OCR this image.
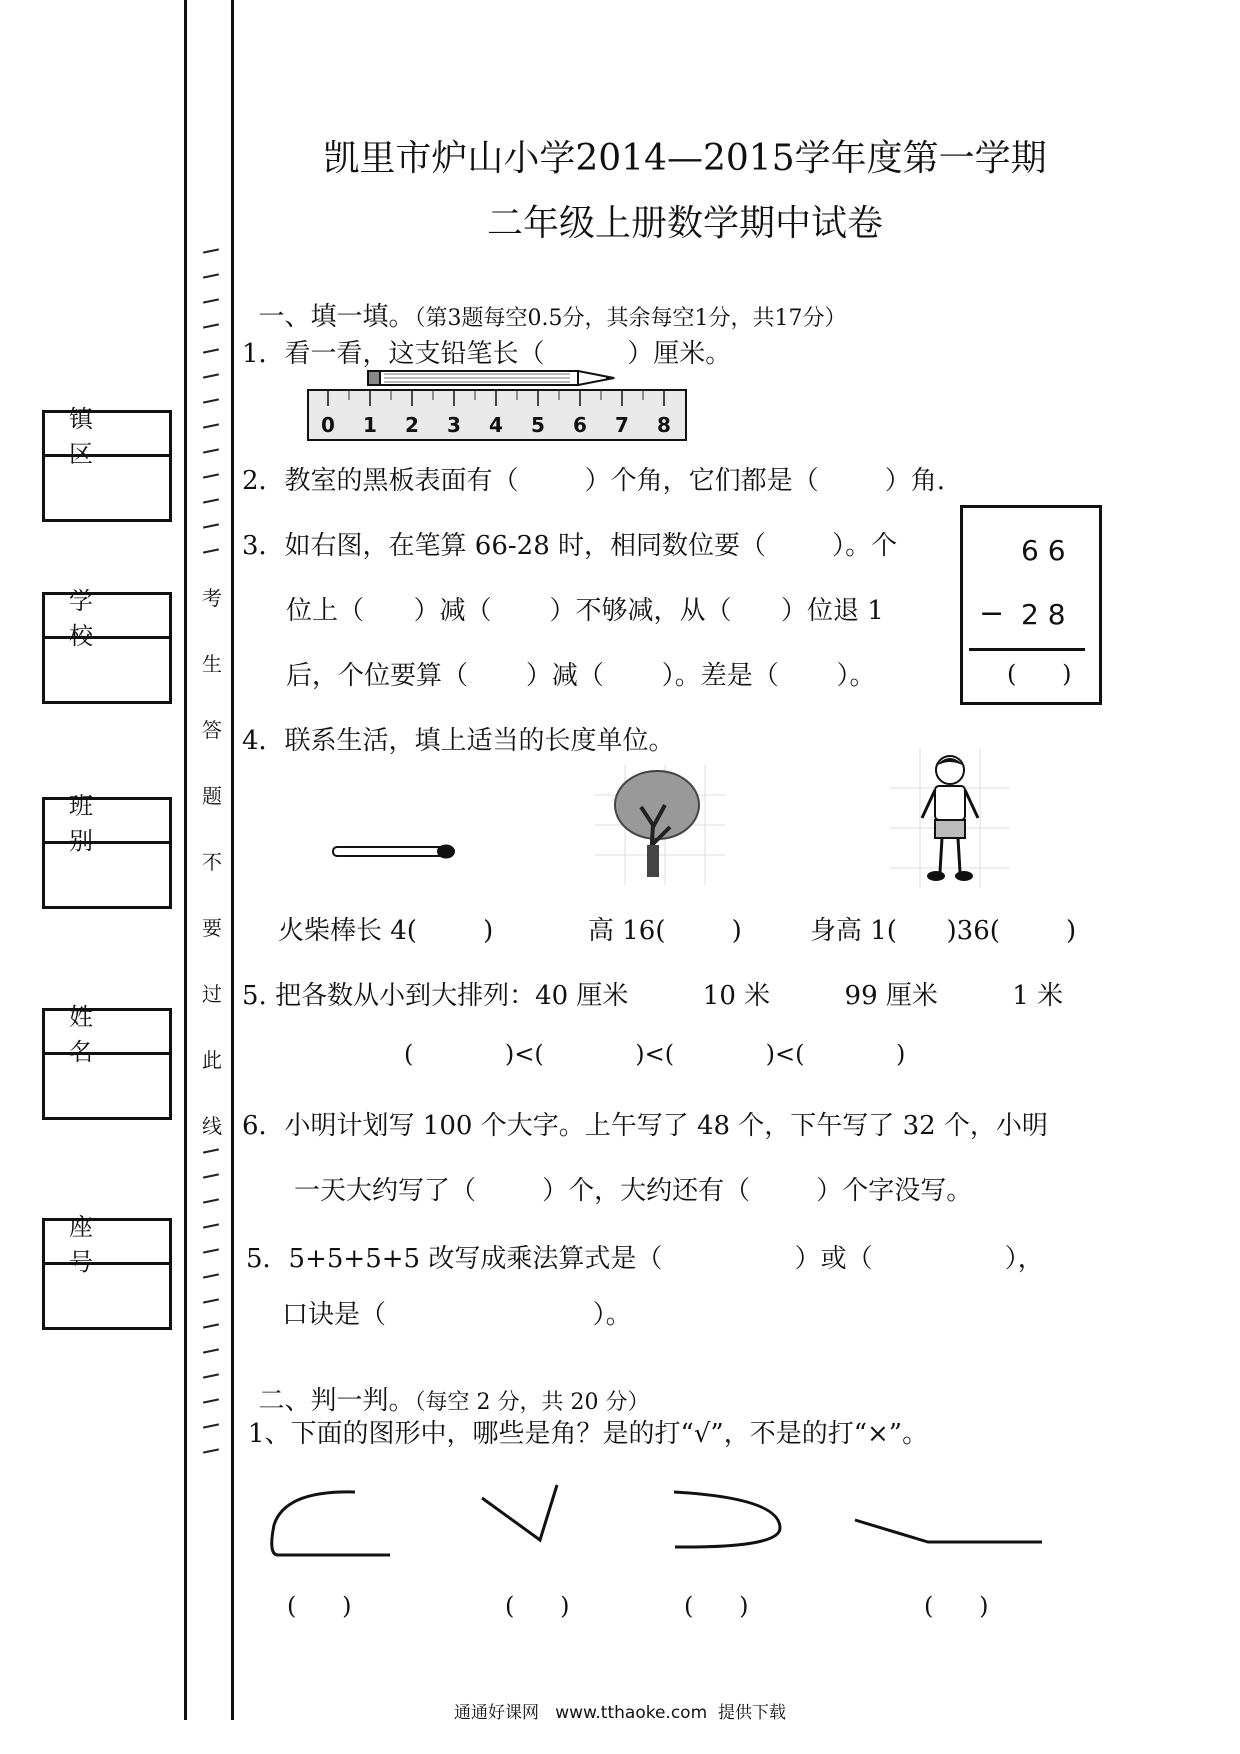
镇 区
学 校
班 别
姓 名
座 号
考
生
答
题
不
要
过
此
线
凯里市炉山小学2014—2015学年度第一学期
二年级上册数学期中试卷

一、填一填。（第3题每空0.5分，其余每空1分，共17分）

1．看一看，这支铅笔长（          ）厘米。
0 1 2 3 4 5 6 7 8
2．教室的黑板表面有（        ）个角，它们都是（        ）角.
3．如右图，在笔算 66-28 时，相同数位要（        ）。个
位上（      ）减（       ）不够减，从（      ）位退 1
后，个位要算（       ）减（       ）。差是（       ）。
6 6
− 2 8
(      )
4．联系生活，填上适当的长度单位。
火柴棒长 4(        )	高 16(        )	身高 1(      )36(        )
5. 把各数从小到大排列：40 厘米         10 米         99 厘米         1 米
(            )<(            )<(            )<(            )
6．小明计划写 100 个大字。上午写了 48 个，下午写了 32 个，小明
一天大约写了（        ）个，大约还有（        ）个字没写。
5．5+5+5+5 改写成乘法算式是（                ）或（                ），
口诀是（                         ）。

二、判一判。（每空 2 分，共 20 分）

1、下面的图形中，哪些是角？是的打“√”，不是的打“×”。
(      )	(      )	(      )	(      )
通通好课网   www.tthaoke.com  提供下载
